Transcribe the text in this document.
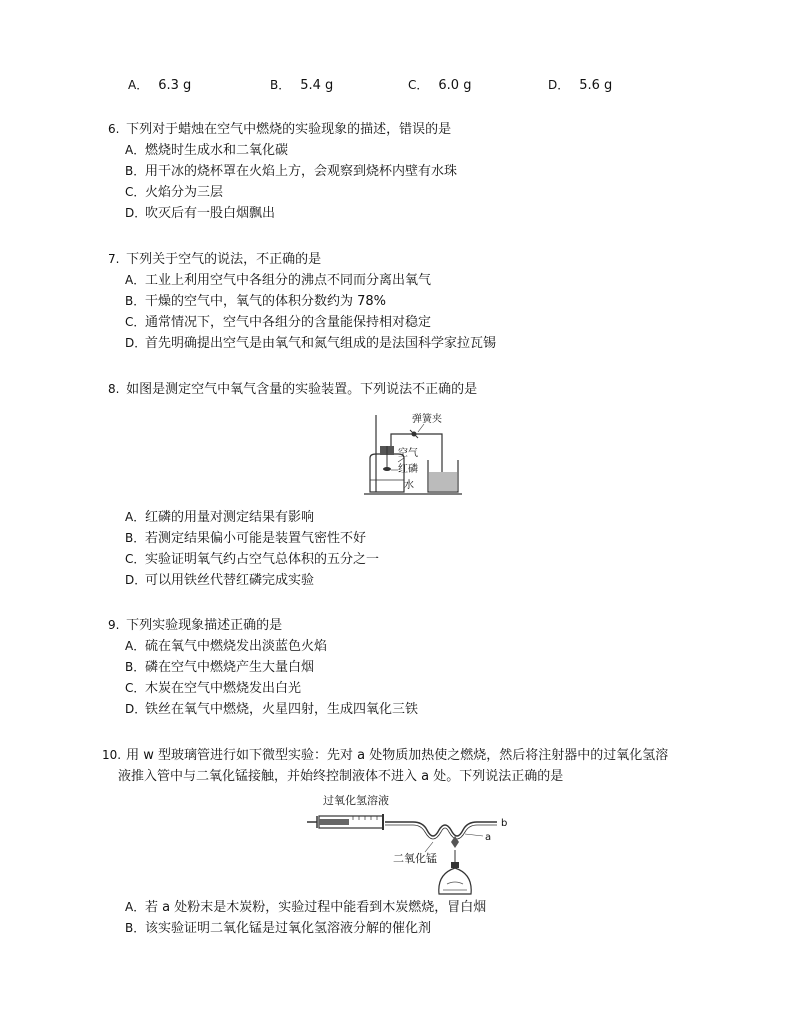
A． 6.3 g	B． 5.4 g	C． 6.0 g	D． 5.6 g
6. 下列对于蜡烛在空气中燃烧的实验现象的描述，错误的是
A．燃烧时生成水和二氧化碳
B．用干冰的烧杯罩在火焰上方，会观察到烧杯内壁有水珠
C．火焰分为三层
D．吹灭后有一股白烟飘出
7. 下列关于空气的说法，不正确的是
A．工业上利用空气中各组分的沸点不同而分离出氧气
B．干燥的空气中，氧气的体积分数约为 78%
C．通常情况下，空气中各组分的含量能保持相对稳定
D．首先明确提出空气是由氧气和氮气组成的是法国科学家拉瓦锡
8. 如图是测定空气中氧气含量的实验装置。下列说法不正确的是
弹簧夹
空气
红磷
水
A．红磷的用量对测定结果有影响
B．若测定结果偏小可能是装置气密性不好
C．实验证明氧气约占空气总体积的五分之一
D．可以用铁丝代替红磷完成实验
9. 下列实验现象描述正确的是
A．硫在氧气中燃烧发出淡蓝色火焰
B．磷在空气中燃烧产生大量白烟
C．木炭在空气中燃烧发出白光
D．铁丝在氧气中燃烧，火星四射，生成四氧化三铁
10. 用 w 型玻璃管进行如下微型实验：先对 a 处物质加热使之燃烧，然后将注射器中的过氧化氢溶
液推入管中与二氧化锰接触，并始终控制液体不进入 a 处。下列说法正确的是
过氧化氢溶液
b
a
二氧化锰
A．若 a 处粉末是木炭粉，实验过程中能看到木炭燃烧，冒白烟
B．该实验证明二氧化锰是过氧化氢溶液分解的催化剂
